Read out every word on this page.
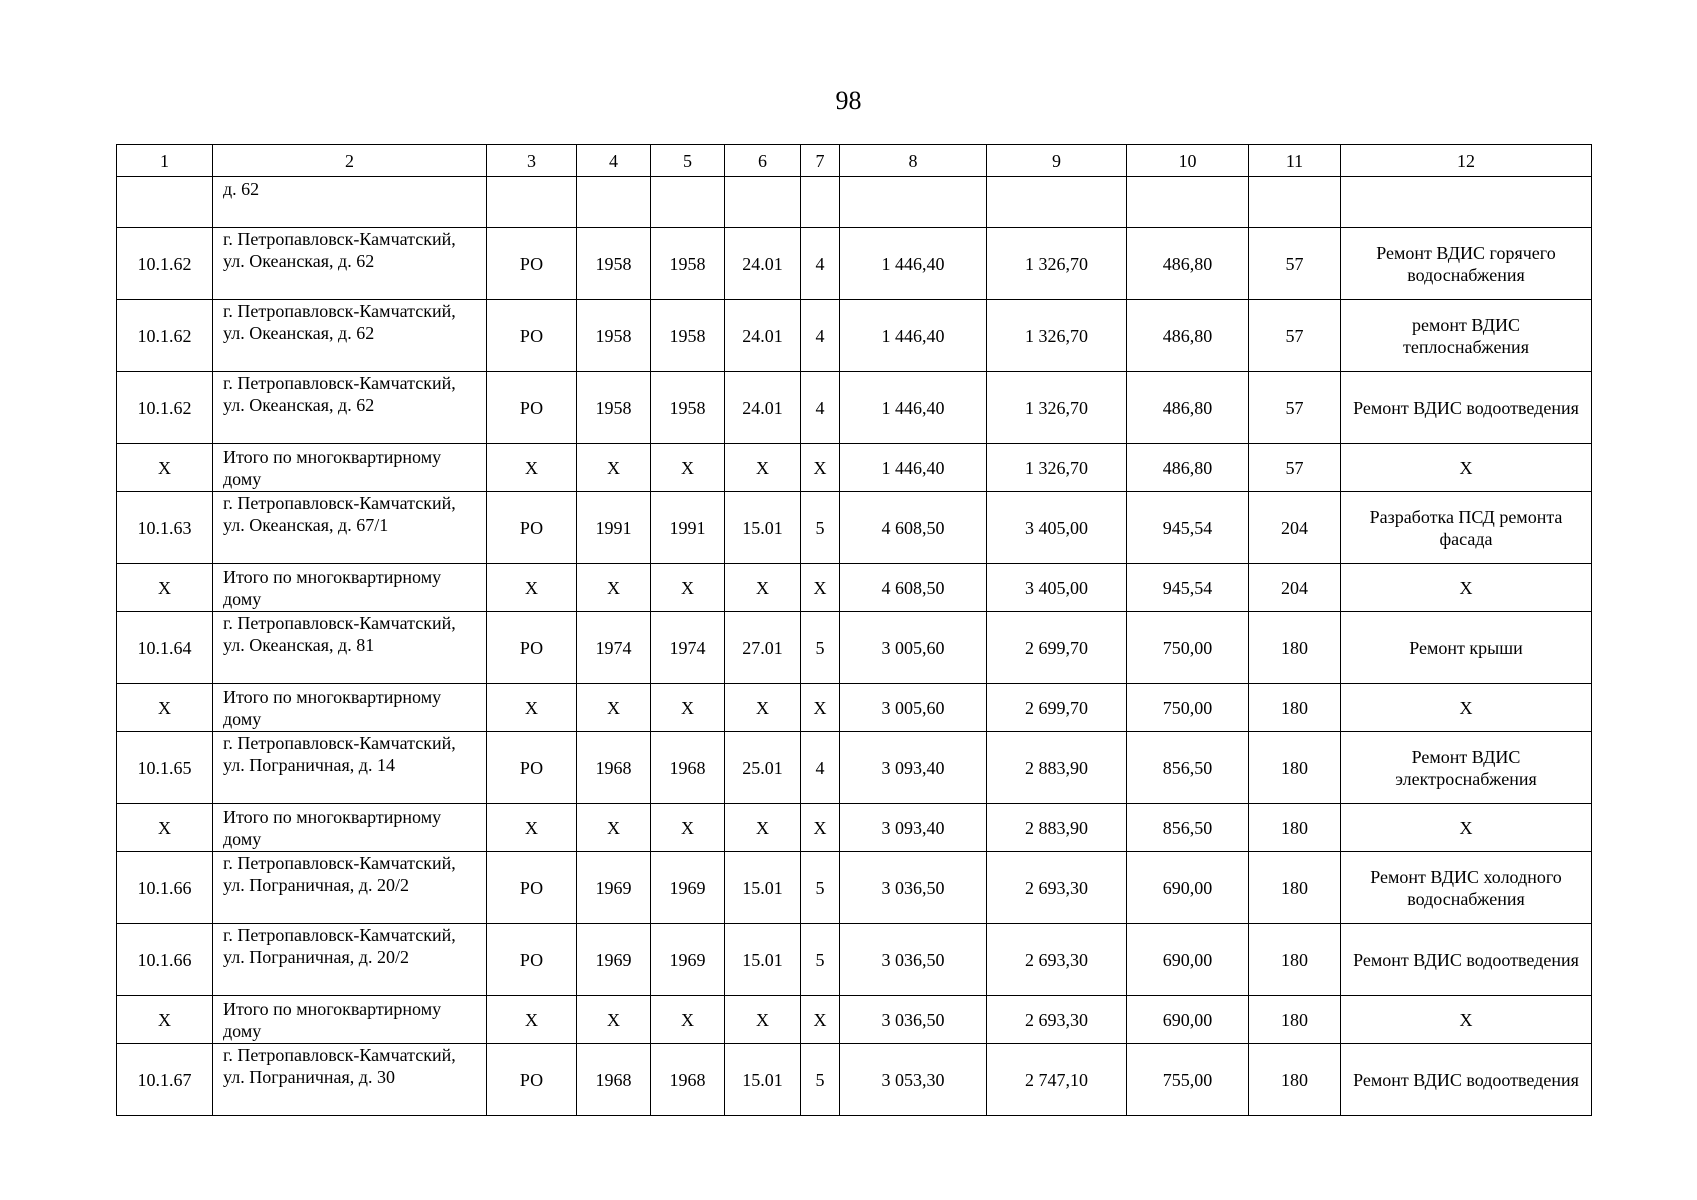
98
1	2	3	4	5	6	7	8	9	10	11	12
	д. 62										
10.1.62	г. Петропавловск-Камчатский, ул. Океанская, д. 62	РО	1958	1958	24.01	4	1 446,40	1 326,70	486,80	57	Ремонт ВДИС горячего водоснабжения
10.1.62	г. Петропавловск-Камчатский, ул. Океанская, д. 62	РО	1958	1958	24.01	4	1 446,40	1 326,70	486,80	57	ремонт ВДИС теплоснабжения
10.1.62	г. Петропавловск-Камчатский, ул. Океанская, д. 62	РО	1958	1958	24.01	4	1 446,40	1 326,70	486,80	57	Ремонт ВДИС водоотведения
Х	Итого по многоквартирному дому	Х	Х	Х	Х	Х	1 446,40	1 326,70	486,80	57	Х
10.1.63	г. Петропавловск-Камчатский, ул. Океанская, д. 67/1	РО	1991	1991	15.01	5	4 608,50	3 405,00	945,54	204	Разработка ПСД ремонта фасада
Х	Итого по многоквартирному дому	Х	Х	Х	Х	Х	4 608,50	3 405,00	945,54	204	Х
10.1.64	г. Петропавловск-Камчатский, ул. Океанская, д. 81	РО	1974	1974	27.01	5	3 005,60	2 699,70	750,00	180	Ремонт крыши
Х	Итого по многоквартирному дому	Х	Х	Х	Х	Х	3 005,60	2 699,70	750,00	180	Х
10.1.65	г. Петропавловск-Камчатский, ул. Пограничная, д. 14	РО	1968	1968	25.01	4	3 093,40	2 883,90	856,50	180	Ремонт ВДИС электроснабжения
Х	Итого по многоквартирному дому	Х	Х	Х	Х	Х	3 093,40	2 883,90	856,50	180	Х
10.1.66	г. Петропавловск-Камчатский, ул. Пограничная, д. 20/2	РО	1969	1969	15.01	5	3 036,50	2 693,30	690,00	180	Ремонт ВДИС холодного водоснабжения
10.1.66	г. Петропавловск-Камчатский, ул. Пограничная, д. 20/2	РО	1969	1969	15.01	5	3 036,50	2 693,30	690,00	180	Ремонт ВДИС водоотведения
Х	Итого по многоквартирному дому	Х	Х	Х	Х	Х	3 036,50	2 693,30	690,00	180	Х
10.1.67	г. Петропавловск-Камчатский, ул. Пограничная, д. 30	РО	1968	1968	15.01	5	3 053,30	2 747,10	755,00	180	Ремонт ВДИС водоотведения
